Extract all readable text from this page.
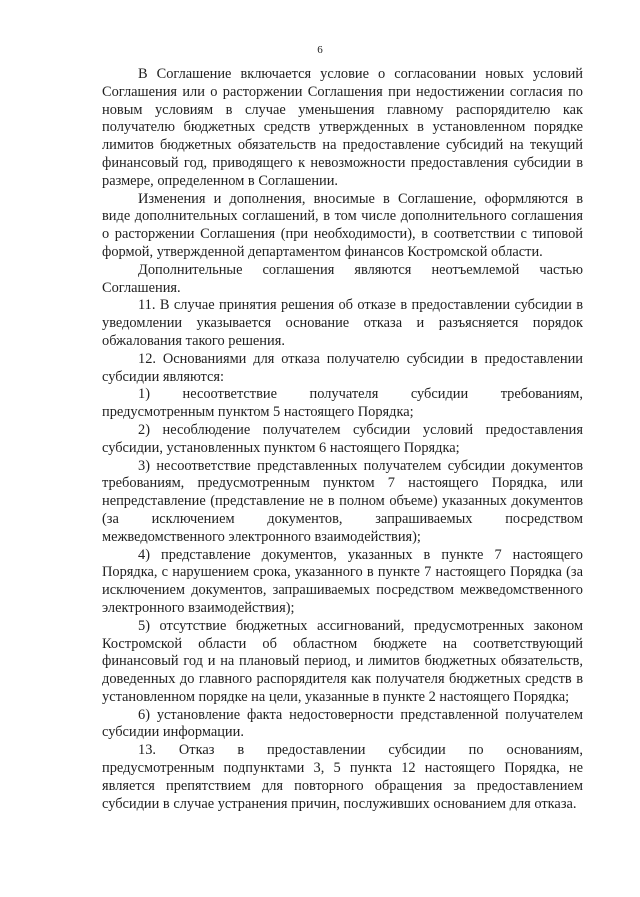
6

В Соглашение включается условие о согласовании новых условий Соглашения или о расторжении Соглашения при недостижении согласия по новым условиям в случае уменьшения главному распорядителю как получателю бюджетных средств утвержденных в установленном порядке лимитов бюджетных обязательств на предоставление субсидий на текущий финансовый год, приводящего к невозможности предоставления субсидии в размере, определенном в Соглашении.

Изменения и дополнения, вносимые в Соглашение, оформляются в виде дополнительных соглашений, в том числе дополнительного соглашения о расторжении Соглашения (при необходимости), в соответствии с типовой формой, утвержденной департаментом финансов Костромской области.

Дополнительные соглашения являются неотъемлемой частью Соглашения.

11. В случае принятия решения об отказе в предоставлении субсидии в уведомлении указывается основание отказа и разъясняется порядок обжалования такого решения.

12. Основаниями для отказа получателю субсидии в предоставлении субсидии являются:

1) несоответствие получателя субсидии требованиям, предусмотренным пунктом 5 настоящего Порядка;

2) несоблюдение получателем субсидии условий предоставления субсидии, установленных пунктом 6 настоящего Порядка;

3) несоответствие представленных получателем субсидии документов требованиям, предусмотренным пунктом 7 настоящего Порядка, или непредставление (представление не в полном объеме) указанных документов (за исключением документов, запрашиваемых посредством межведомственного электронного взаимодействия);

4) представление документов, указанных в пункте 7 настоящего Порядка, с нарушением срока, указанного в пункте 7 настоящего Порядка (за исключением документов, запрашиваемых посредством межведомственного электронного взаимодействия);

5) отсутствие бюджетных ассигнований, предусмотренных законом Костромской области об областном бюджете на соответствующий финансовый год и на плановый период, и лимитов бюджетных обязательств, доведенных до главного распорядителя как получателя бюджетных средств в установленном порядке на цели, указанные в пункте 2 настоящего Порядка;

6) установление факта недостоверности представленной получателем субсидии информации.

13. Отказ в предоставлении субсидии по основаниям, предусмотренным подпунктами 3, 5 пункта 12 настоящего Порядка, не является препятствием для повторного обращения за предоставлением субсидии в случае устранения причин, послуживших основанием для отказа.
